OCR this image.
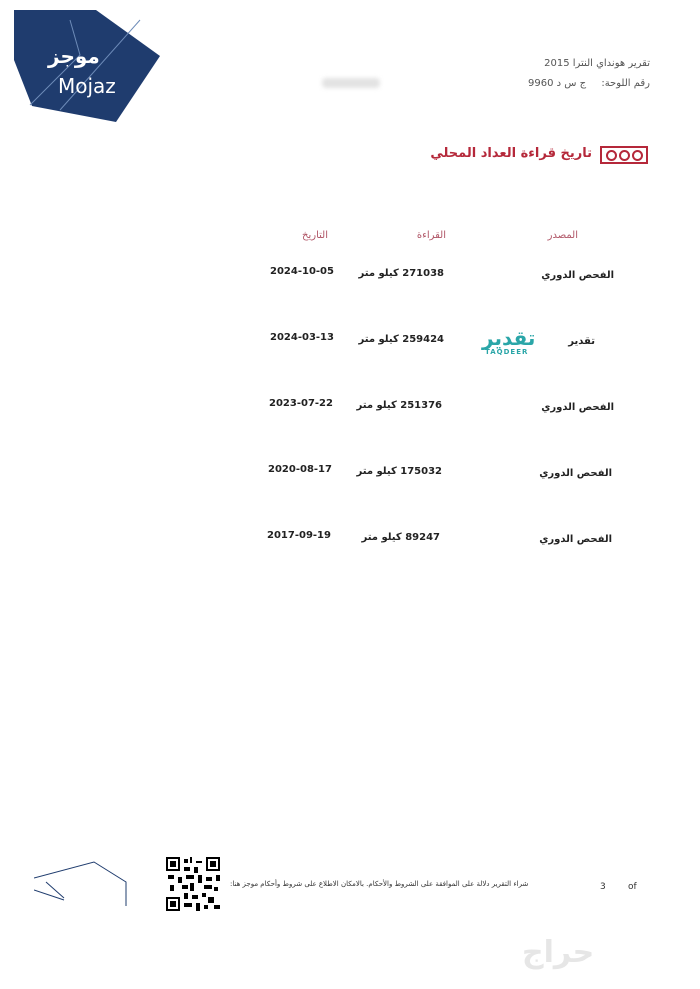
موجز
Mojaz
تقرير هونداي النترا 2015
رقم اللوحة: ج س د 9960
تاريخ قراءة العداد المحلي
المصدر
القراءة
التاريخ
الفحص الدوري
271038 كيلو متر
2024-10-05
تقدير
تقدير
TAQDEER
259424 كيلو متر
2024-03-13
الفحص الدوري
251376 كيلو متر
2023-07-22
الفحص الدوري
175032 كيلو متر
2020-08-17
الفحص الدوري
89247 كيلو متر
2017-09-19
شراء التقرير دلالة على الموافقة على الشروط والأحكام. بالامكان الاطلاع على شروط وأحكام موجز هنا:	3 of
حراج
